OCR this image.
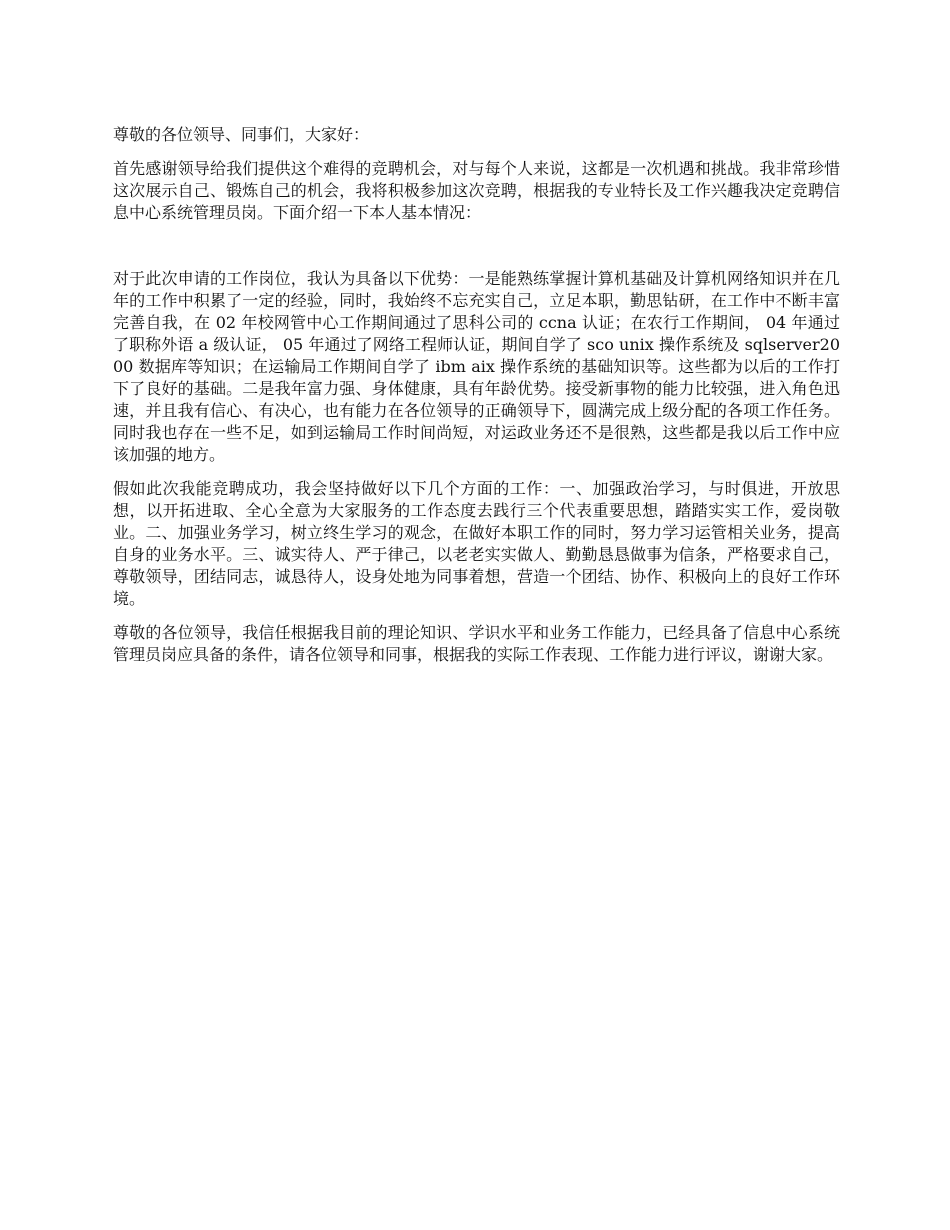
尊敬的各位领导、同事们，大家好：

首先感谢领导给我们提供这个难得的竞聘机会，对与每个人来说，这都是一次机遇和挑战。我非常珍惜这次展示自己、锻炼自己的机会，我将积极参加这次竞聘，根据我的专业特长及工作兴趣我决定竞聘信息中心系统管理员岗。下面介绍一下本人基本情况：

对于此次申请的工作岗位，我认为具备以下优势：一是能熟练掌握计算机基础及计算机网络知识并在几年的工作中积累了一定的经验，同时，我始终不忘充实自己，立足本职，勤思钻研，在工作中不断丰富完善自我，在 02 年校网管中心工作期间通过了思科公司的 ccna 认证；在农行工作期间， 04 年通过了职称外语 a 级认证， 05 年通过了网络工程师认证，期间自学了 sco unix 操作系统及 sqlserver2000 数据库等知识；在运输局工作期间自学了 ibm aix 操作系统的基础知识等。这些都为以后的工作打下了良好的基础。二是我年富力强、身体健康，具有年龄优势。接受新事物的能力比较强，进入角色迅速，并且我有信心、有决心，也有能力在各位领导的正确领导下，圆满完成上级分配的各项工作任务。同时我也存在一些不足，如到运输局工作时间尚短，对运政业务还不是很熟，这些都是我以后工作中应该加强的地方。

假如此次我能竞聘成功，我会坚持做好以下几个方面的工作：一、加强政治学习，与时俱进，开放思想，以开拓进取、全心全意为大家服务的工作态度去践行三个代表重要思想，踏踏实实工作，爱岗敬业。二、加强业务学习，树立终生学习的观念，在做好本职工作的同时，努力学习运管相关业务，提高自身的业务水平。三、诚实待人、严于律己，以老老实实做人、勤勤恳恳做事为信条，严格要求自己，尊敬领导，团结同志，诚恳待人，设身处地为同事着想，营造一个团结、协作、积极向上的良好工作环境。

尊敬的各位领导，我信任根据我目前的理论知识、学识水平和业务工作能力，已经具备了信息中心系统管理员岗应具备的条件，请各位领导和同事，根据我的实际工作表现、工作能力进行评议，谢谢大家。
